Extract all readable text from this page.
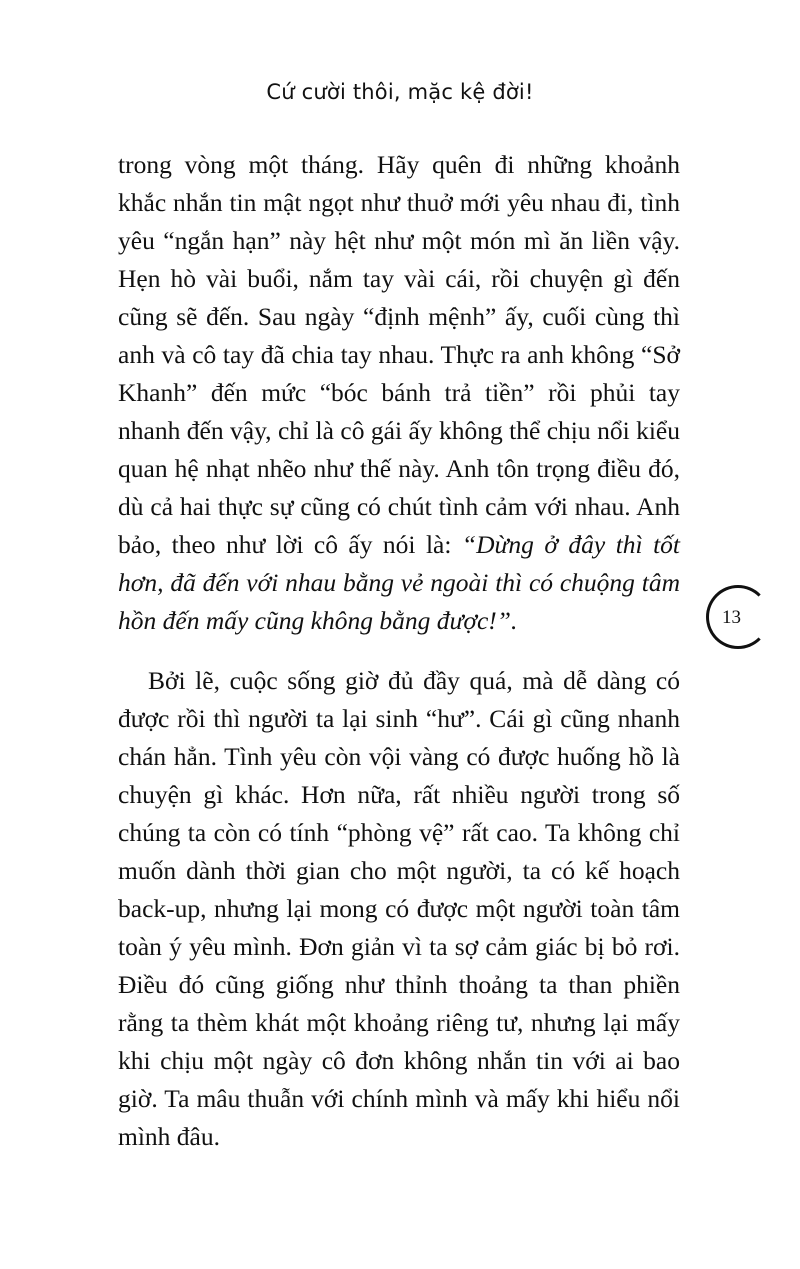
Cứ cười thôi, mặc kệ đời!

trong vòng một tháng. Hãy quên đi những khoảnh khắc nhắn tin mật ngọt như thuở mới yêu nhau đi, tình yêu “ngắn hạn” này hệt như một món mì ăn liền vậy. Hẹn hò vài buổi, nắm tay vài cái, rồi chuyện gì đến cũng sẽ đến. Sau ngày “định mệnh” ấy, cuối cùng thì anh và cô tay đã chia tay nhau. Thực ra anh không “Sở Khanh” đến mức “bóc bánh trả tiền” rồi phủi tay nhanh đến vậy, chỉ là cô gái ấy không thể chịu nổi kiểu quan hệ nhạt nhẽo như thế này. Anh tôn trọng điều đó, dù cả hai thực sự cũng có chút tình cảm với nhau. Anh bảo, theo như lời cô ấy nói là: “Dừng ở đây thì tốt hơn, đã đến với nhau bằng vẻ ngoài thì có chuộng tâm hồn đến mấy cũng không bằng được!”.

Bởi lẽ, cuộc sống giờ đủ đầy quá, mà dễ dàng có được rồi thì người ta lại sinh “hư”. Cái gì cũng nhanh chán hẳn. Tình yêu còn vội vàng có được huống hồ là chuyện gì khác. Hơn nữa, rất nhiều người trong số chúng ta còn có tính “phòng vệ” rất cao. Ta không chỉ muốn dành thời gian cho một người, ta có kế hoạch back-up, nhưng lại mong có được một người toàn tâm toàn ý yêu mình. Đơn giản vì ta sợ cảm giác bị bỏ rơi. Điều đó cũng giống như thỉnh thoảng ta than phiền rằng ta thèm khát một khoảng riêng tư, nhưng lại mấy khi chịu một ngày cô đơn không nhắn tin với ai bao giờ. Ta mâu thuẫn với chính mình và mấy khi hiểu nổi mình đâu.

13
